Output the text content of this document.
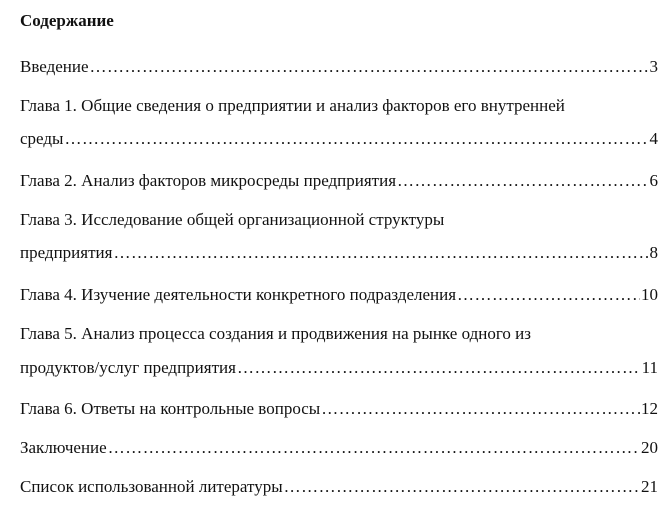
Содержание
Введение ……………………………………………………………………………………………………………………………………………………………………………………………………	3
Глава 1. Общие сведения о предприятии и анализ факторов его внутренней
среды ……………………………………………………………………………………………………………………………………………………………………………………………………	4
Глава 2. Анализ факторов микросреды предприятия ……………………………………………………………………………………………………………………………………………………………………………………………………	6
Глава 3. Исследование общей организационной структуры
предприятия ……………………………………………………………………………………………………………………………………………………………………………………………………	8
Глава 4. Изучение деятельности конкретного подразделения ……………………………………………………………………………………………………………………………………………………………………………………………………	10
Глава 5. Анализ процесса создания и продвижения на рынке одного из
продуктов/услуг предприятия ……………………………………………………………………………………………………………………………………………………………………………………………………	11
Глава 6. Ответы на контрольные вопросы ……………………………………………………………………………………………………………………………………………………………………………………………………	12
Заключение ……………………………………………………………………………………………………………………………………………………………………………………………………	20
Список использованной литературы ……………………………………………………………………………………………………………………………………………………………………………………………………	21
